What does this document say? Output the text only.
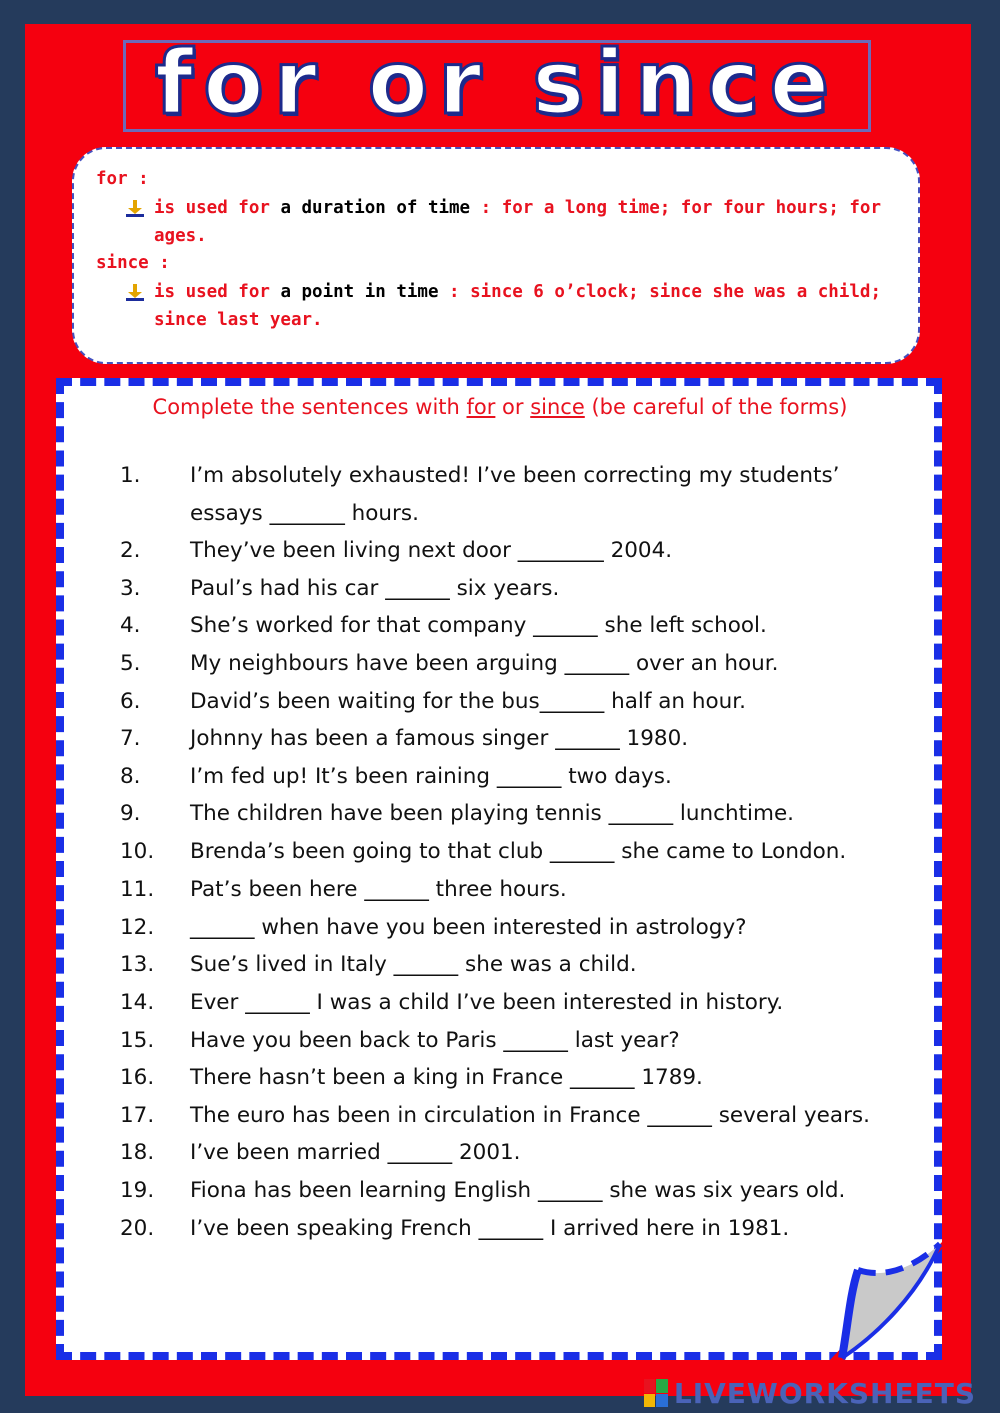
for or since
for :
is used for a duration of time : for a long time; for four hours; for ages.
since :
is used for a point in time : since 6 o’clock; since she was a child; since last year.
Complete the sentences with for or since (be careful of the forms)
1.	I’m absolutely exhausted! I’ve been correcting my students’
essays _______ hours.
2.	They’ve been living next door ________ 2004.
3.	Paul’s had his car ______ six years.
4.	She’s worked for that company ______ she left school.
5.	My neighbours have been arguing ______ over an hour.
6.	David’s been waiting for the bus______ half an hour.
7.	Johnny has been a famous singer ______ 1980.
8.	I’m fed up! It’s been raining ______ two days.
9.	The children have been playing tennis ______ lunchtime.
10.	Brenda’s been going to that club ______ she came to London.
11.	Pat’s been here ______ three hours.
12.	______ when have you been interested in astrology?
13.	Sue’s lived in Italy ______ she was a child.
14.	Ever ______ I was a child I’ve been interested in history.
15.	Have you been back to Paris ______ last year?
16.	There hasn’t been a king in France ______ 1789.
17.	The euro has been in circulation in France ______ several years.
18.	I’ve been married ______ 2001.
19.	Fiona has been learning English ______ she was six years old.
20.	I’ve been speaking French ______ I arrived here in 1981.
LIVEWORKSHEETS
